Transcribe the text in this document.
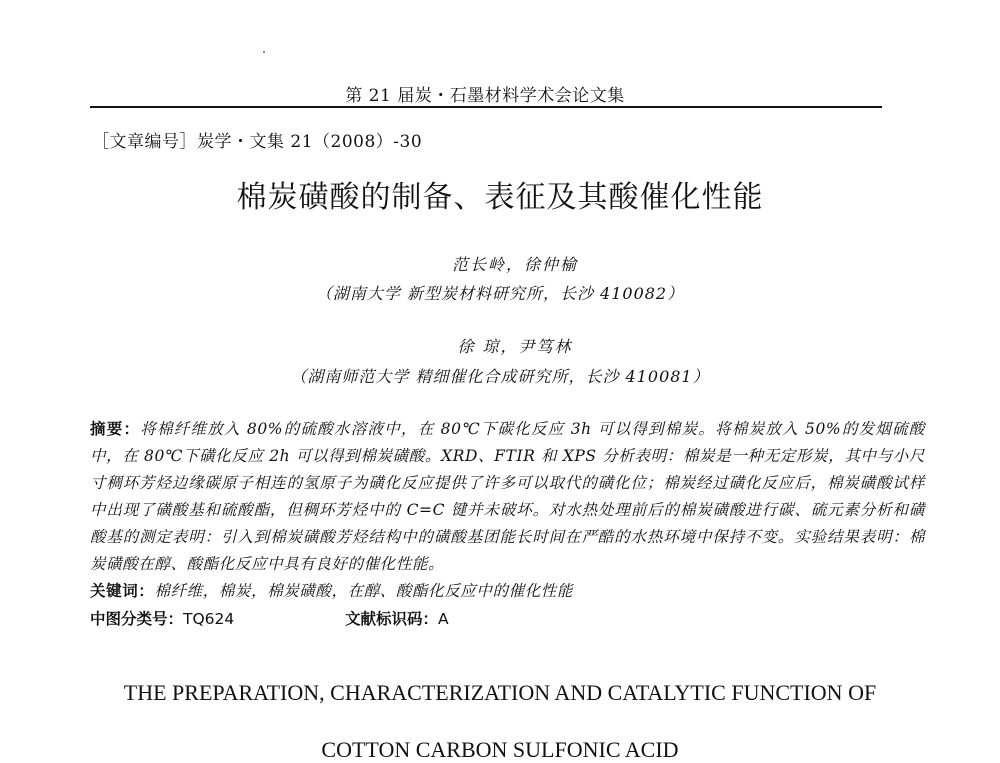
第 21 届炭・石墨材料学术会论文集
［文章编号］炭学・文集 21（2008）-30
棉炭磺酸的制备、表征及其酸催化性能
范长岭，徐仲榆
（湖南大学 新型炭材料研究所，长沙 410082）
徐 琼，尹笃林
（湖南师范大学 精细催化合成研究所，长沙 410081）
摘要：将棉纤维放入 80%的硫酸水溶液中，在 80℃下碳化反应 3h 可以得到棉炭。将棉炭放入 50%的发烟硫酸中，在 80℃下磺化反应 2h 可以得到棉炭磺酸。XRD、FTIR 和 XPS 分析表明：棉炭是一种无定形炭，其中与小尺寸稠环芳烃边缘碳原子相连的氢原子为磺化反应提供了许多可以取代的磺化位；棉炭经过磺化反应后，棉炭磺酸试样中出现了磺酸基和硫酸酯，但稠环芳烃中的 C=C 键并未破坏。对水热处理前后的棉炭磺酸进行碳、硫元素分析和磺酸基的测定表明：引入到棉炭磺酸芳烃结构中的磺酸基团能长时间在严酷的水热环境中保持不变。实验结果表明：棉炭磺酸在醇、酸酯化反应中具有良好的催化性能。
关键词：棉纤维，棉炭，棉炭磺酸，在醇、酸酯化反应中的催化性能
中图分类号：TQ624	文献标识码：A
THE PREPARATION, CHARACTERIZATION AND CATALYTIC FUNCTION OF
COTTON CARBON SULFONIC ACID
